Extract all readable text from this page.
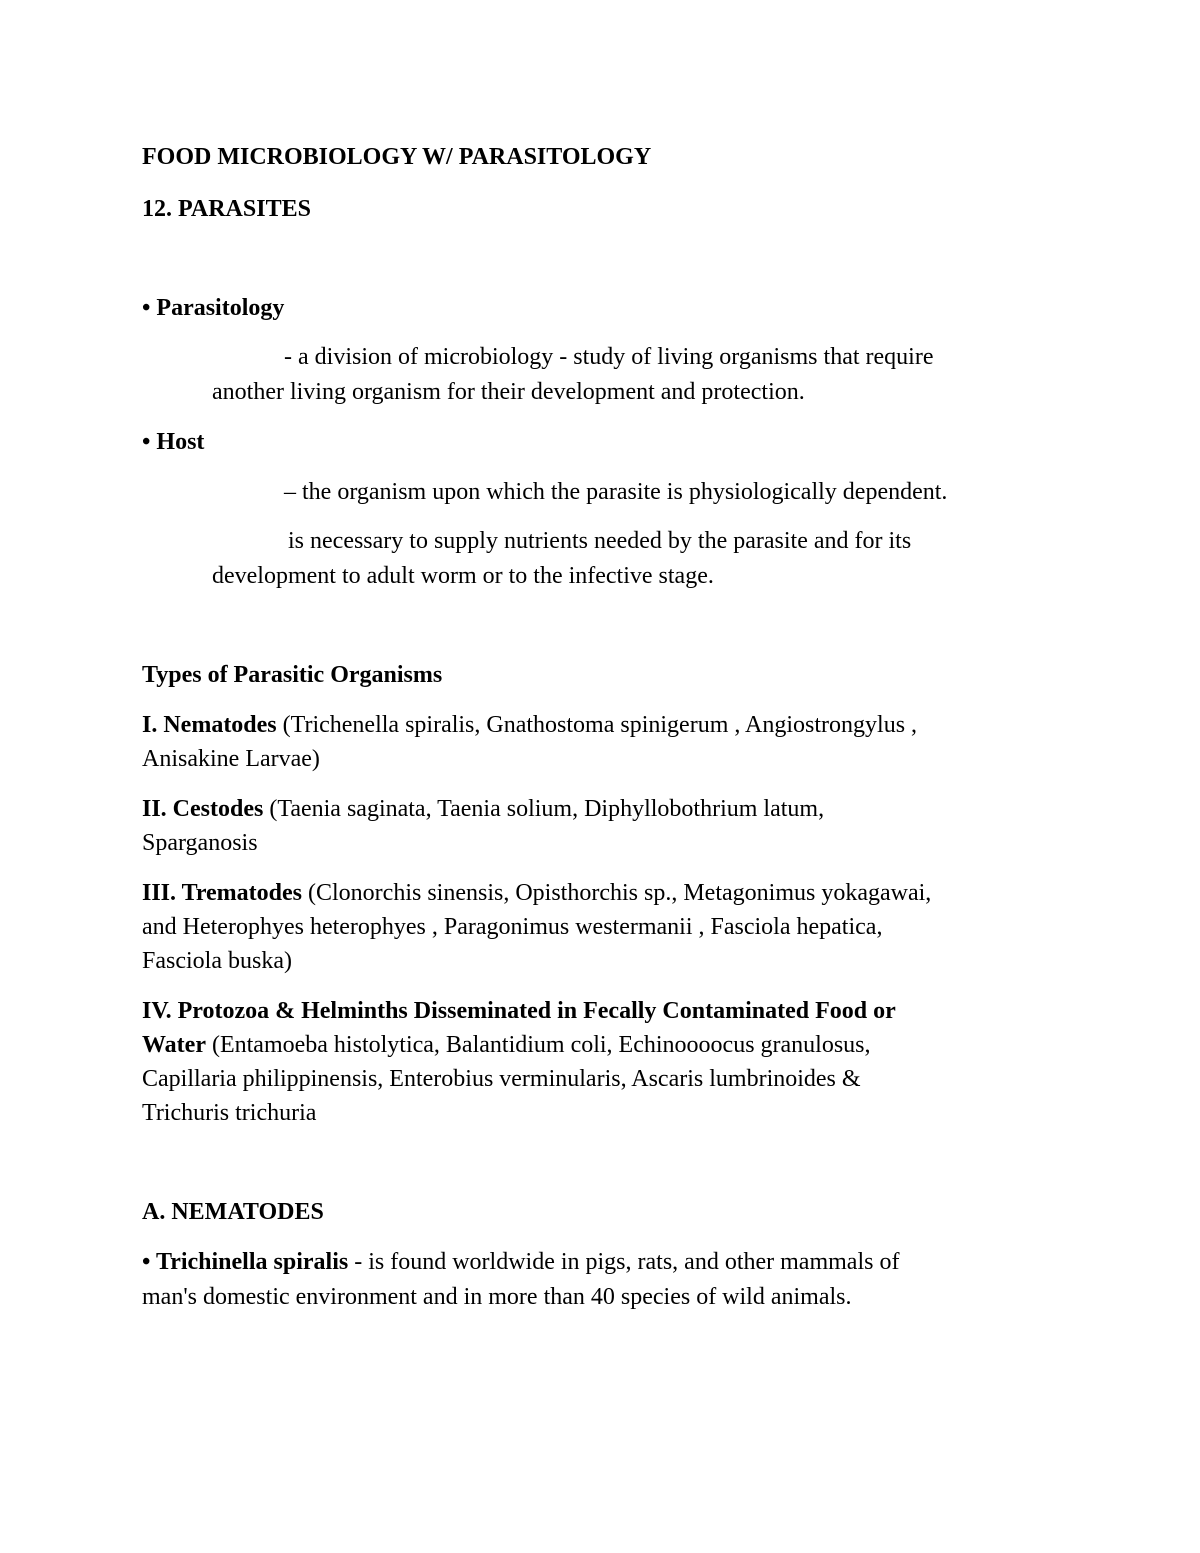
FOOD MICROBIOLOGY W/ PARASITOLOGY
12. PARASITES
• Parasitology
- a division of microbiology - study of living organisms that require
another living organism for their development and protection.
• Host
– the organism upon which the parasite is physiologically dependent.
is necessary to supply nutrients needed by the parasite and for its
development to adult worm or to the infective stage.
Types of Parasitic Organisms
I. Nematodes (Trichenella spiralis, Gnathostoma spinigerum , Angiostrongylus ,
Anisakine Larvae)
II. Cestodes (Taenia saginata, Taenia solium, Diphyllobothrium latum,
Sparganosis
III. Trematodes (Clonorchis sinensis, Opisthorchis sp., Metagonimus yokagawai,
and Heterophyes heterophyes , Paragonimus westermanii , Fasciola hepatica,
Fasciola buska)
IV. Protozoa & Helminths Disseminated in Fecally Contaminated Food or
Water (Entamoeba histolytica, Balantidium coli, Echinoooocus granulosus,
Capillaria philippinensis, Enterobius verminularis, Ascaris lumbrinoides &
Trichuris trichuria
A. NEMATODES
• Trichinella spiralis - is found worldwide in pigs, rats, and other mammals of
man's domestic environment and in more than 40 species of wild animals.
